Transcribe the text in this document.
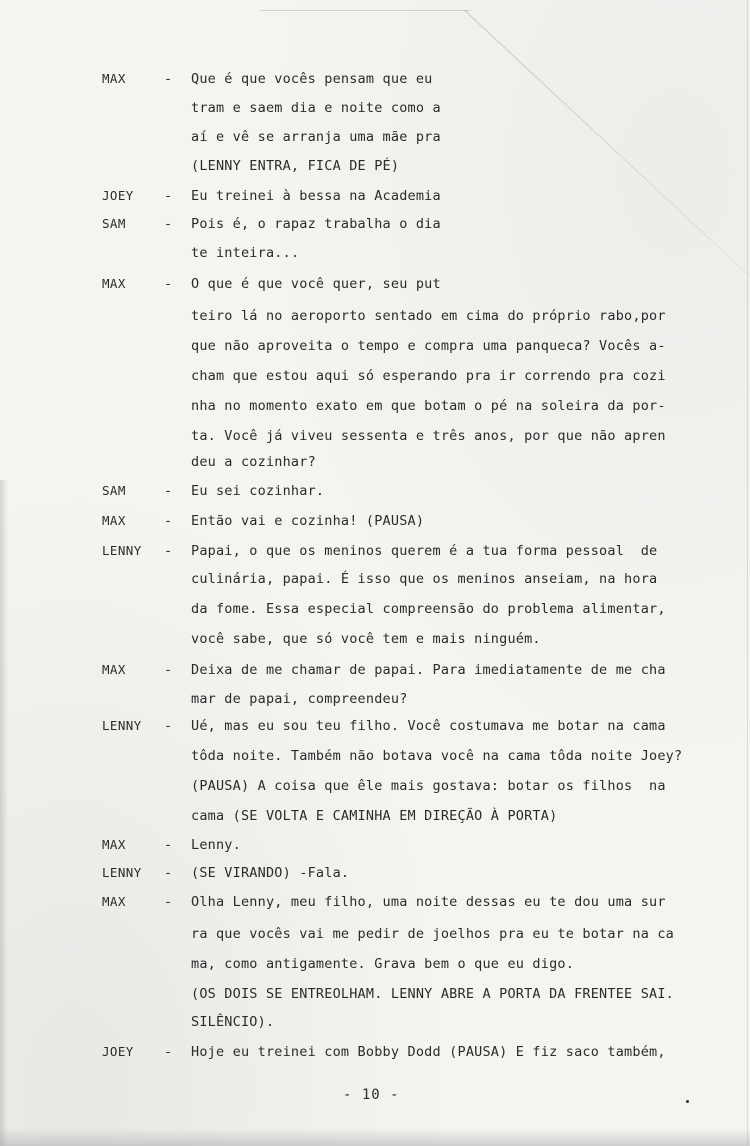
MAX	- Que é que vocês pensam que eu
tram e saem dia e noite como a
aí e vê se arranja uma mãe pra
(LENNY ENTRA, FICA DE PÉ)
JOEY - Eu treinei à bessa na Academia
SAM	- Pois é, o rapaz trabalha o dia
te inteira...
MAX	- O que é que você quer, seu put
teiro lá no aeroporto sentado em cima do próprio rabo,por
que não aproveita o tempo e compra uma panqueca? Vocês a-
cham que estou aqui só esperando pra ir correndo pra cozi
nha no momento exato em que botam o pé na soleira da por-
ta. Você já viveu sessenta e três anos, por que não apren
deu a cozinhar?
SAM	- Eu sei cozinhar.
MAX	- Então vai e cozinha! (PAUSA)
LENNY - Papai, o que os meninos querem é a tua forma pessoal  de
culinária, papai. É isso que os meninos anseiam, na hora
da fome. Essa especial compreensão do problema alimentar,
você sabe, que só você tem e mais ninguém.
MAX	- Deixa de me chamar de papai. Para imediatamente de me cha
mar de papai, compreendeu?
LENNY - Ué, mas eu sou teu filho. Você costumava me botar na cama
tôda noite. Também não botava você na cama tôda noite Joey?
(PAUSA) A coisa que êle mais gostava: botar os filhos  na
cama (SE VOLTA E CAMINHA EM DIREÇÃO À PORTA)
MAX	- Lenny.
LENNY - (SE VIRANDO) -Fala.
MAX	- Olha Lenny, meu filho, uma noite dessas eu te dou uma sur
ra que vocês vai me pedir de joelhos pra eu te botar na ca
ma, como antigamente. Grava bem o que eu digo.
(OS DOIS SE ENTREOLHAM. LENNY ABRE A PORTA DA FRENTEE SAI.
SILÊNCIO).
JOEY - Hoje eu treinei com Bobby Dodd (PAUSA) E fiz saco também,
- 10 -
